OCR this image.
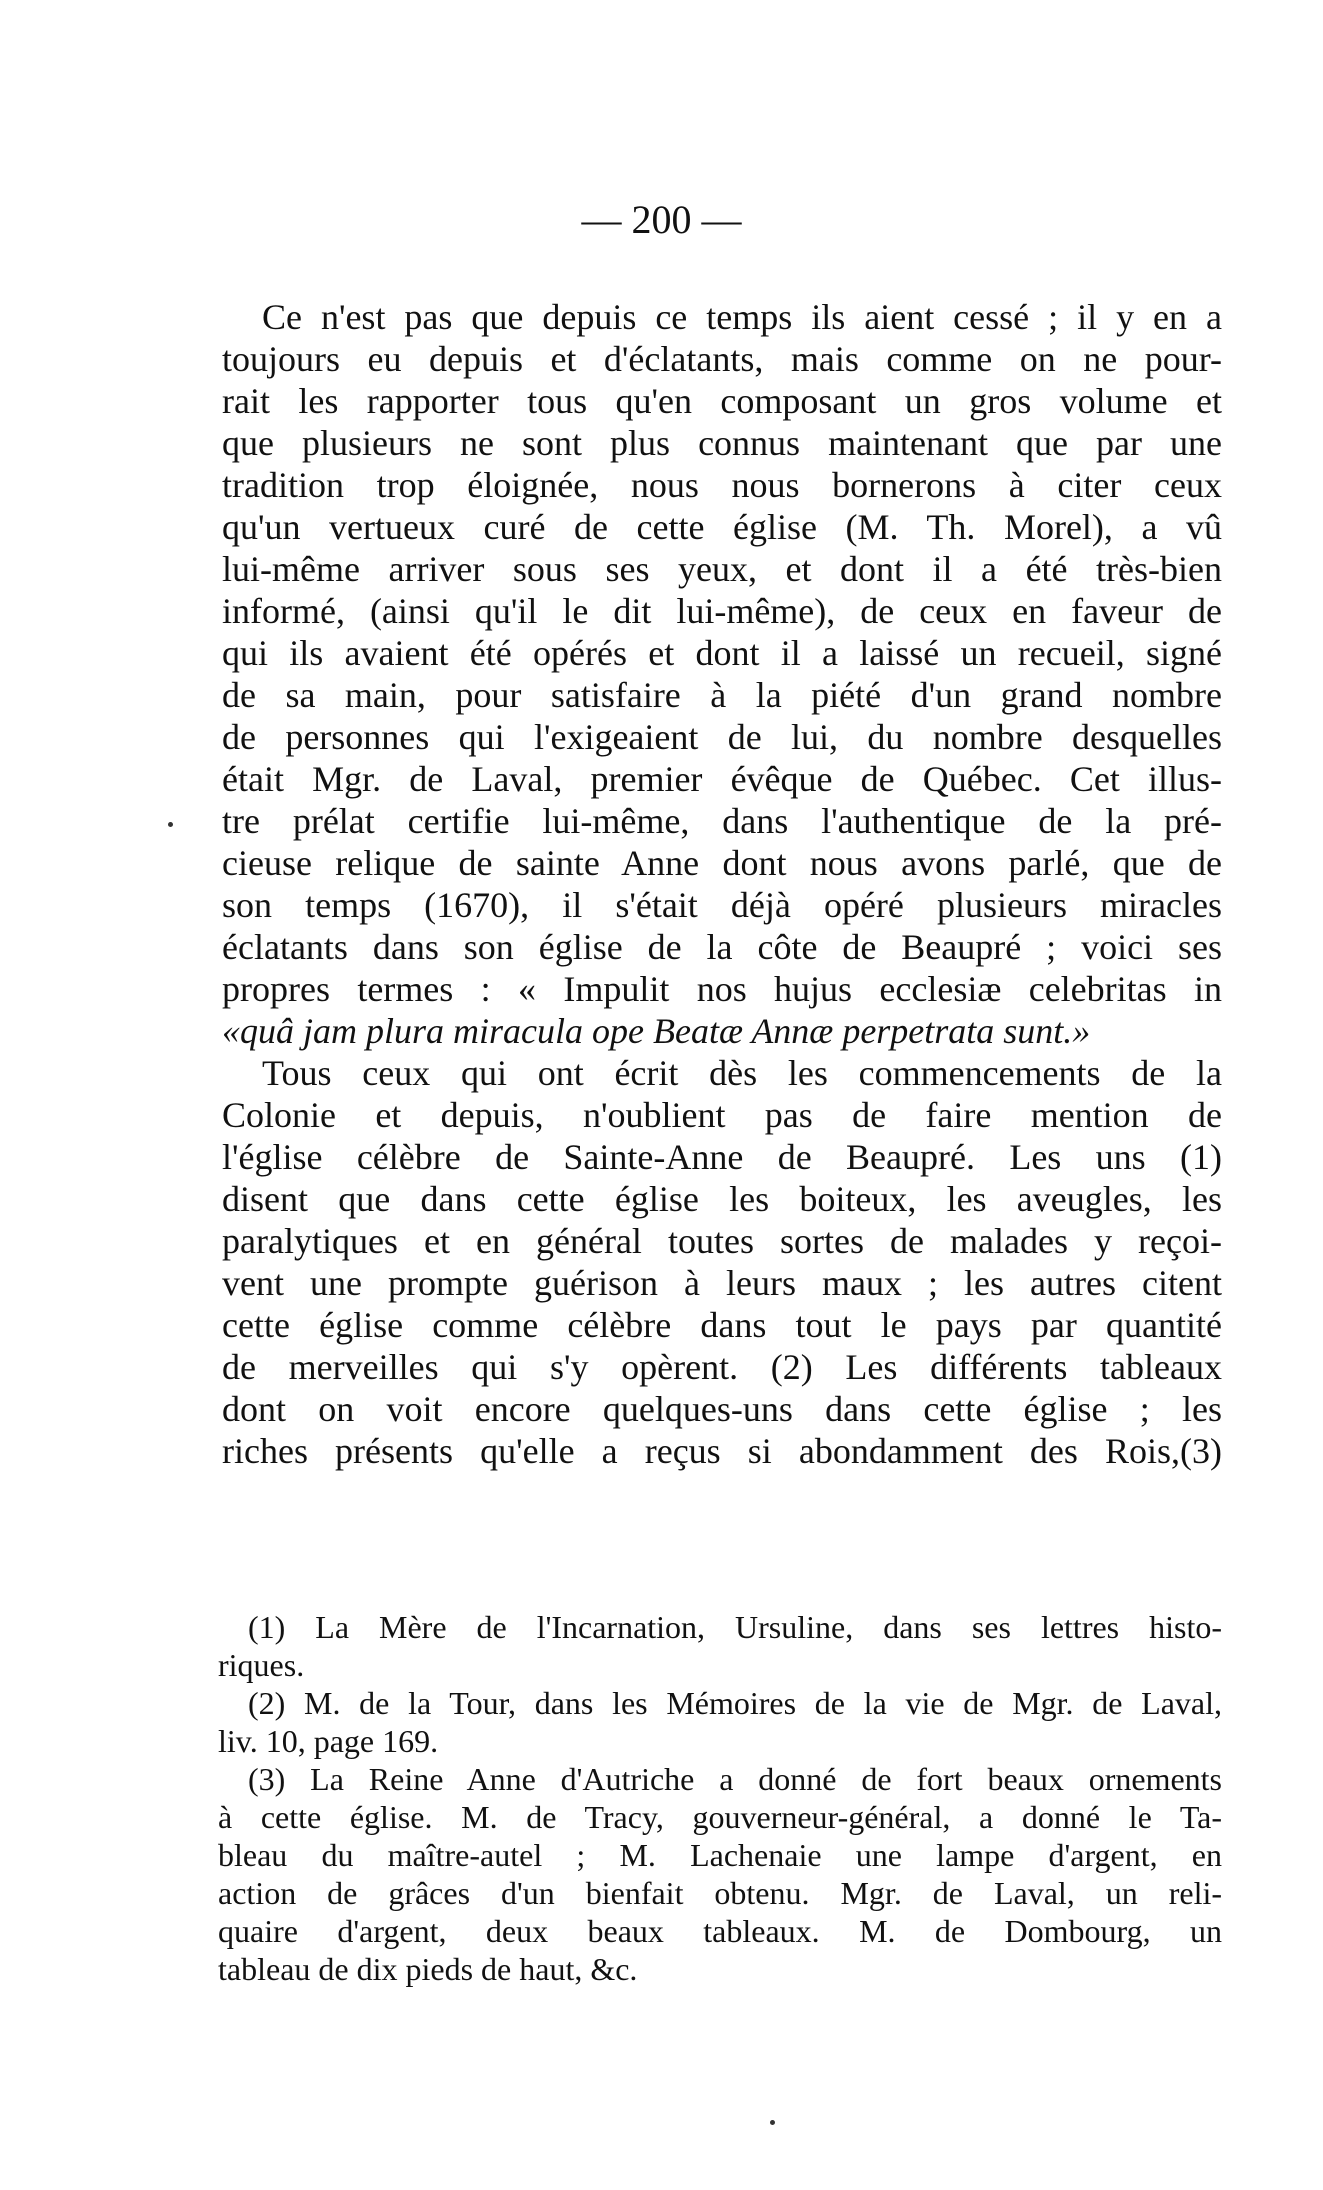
— 200 —
Ce n'est pas que depuis ce temps ils aient cessé ; il y en a
toujours eu depuis et d'éclatants, mais comme on ne pour-
rait les rapporter tous qu'en composant un gros volume et
que plusieurs ne sont plus connus maintenant que par une
tradition trop éloignée, nous nous bornerons à citer ceux
qu'un vertueux curé de cette église (M. Th. Morel), a vû
lui-même arriver sous ses yeux, et dont il a été très-bien
informé, (ainsi qu'il le dit lui-même), de ceux en faveur de
qui ils avaient été opérés et dont il a laissé un recueil, signé
de sa main, pour satisfaire à la piété d'un grand nombre
de personnes qui l'exigeaient de lui, du nombre desquelles
était Mgr. de Laval, premier évêque de Québec. Cet illus-
tre prélat certifie lui-même, dans l'authentique de la pré-
cieuse relique de sainte Anne dont nous avons parlé, que de
son temps (1670), il s'était déjà opéré plusieurs miracles
éclatants dans son église de la côte de Beaupré ; voici ses
propres termes : « Impulit nos hujus ecclesiæ celebritas in
«quâ jam plura miracula ope Beatæ Annæ perpetrata sunt.»
Tous ceux qui ont écrit dès les commencements de la
Colonie et depuis, n'oublient pas de faire mention de
l'église célèbre de Sainte-Anne de Beaupré. Les uns (1)
disent que dans cette église les boiteux, les aveugles, les
paralytiques et en général toutes sortes de malades y reçoi-
vent une prompte guérison à leurs maux ; les autres citent
cette église comme célèbre dans tout le pays par quantité
de merveilles qui s'y opèrent. (2) Les différents tableaux
dont on voit encore quelques-uns dans cette église ; les
riches présents qu'elle a reçus si abondamment des Rois,(3)
(1) La Mère de l'Incarnation, Ursuline, dans ses lettres histo-
riques.
(2) M. de la Tour, dans les Mémoires de la vie de Mgr. de Laval,
liv. 10, page 169.
(3) La Reine Anne d'Autriche a donné de fort beaux ornements
à cette église. M. de Tracy, gouverneur-général, a donné le Ta-
bleau du maître-autel ; M. Lachenaie une lampe d'argent, en
action de grâces d'un bienfait obtenu. Mgr. de Laval, un reli-
quaire d'argent, deux beaux tableaux. M. de Dombourg, un
tableau de dix pieds de haut, &c.
